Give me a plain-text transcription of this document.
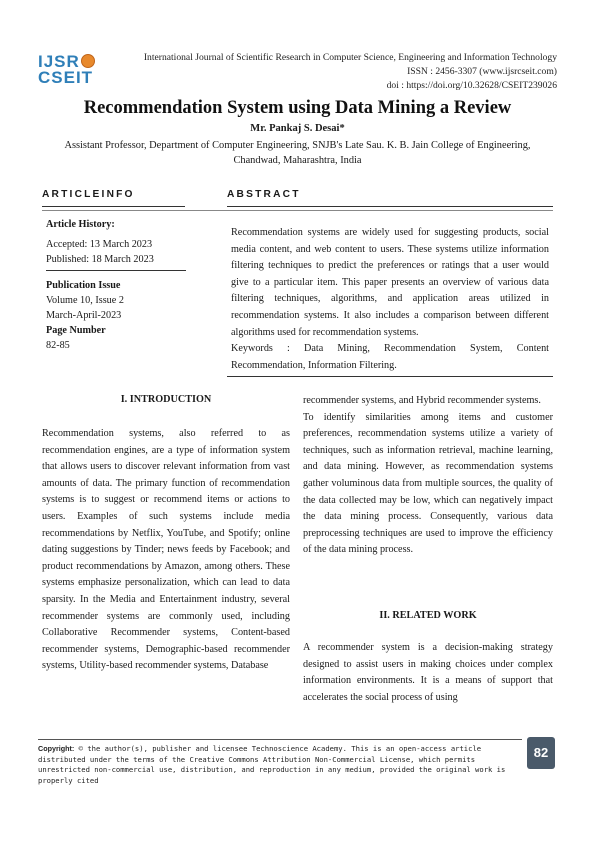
IJSR
CSEIT
International Journal of Scientific Research in Computer Science, Engineering and Information Technology
ISSN : 2456-3307 (www.ijsrcseit.com)
doi : https://doi.org/10.32628/CSEIT239026
Recommendation System using Data Mining a Review
Mr. Pankaj S. Desai*
Assistant Professor, Department of Computer Engineering, SNJB's Late Sau. K. B. Jain College of Engineering,
Chandwad, Maharashtra, India
ARTICLEINFO	ABSTRACT
Article History:
Accepted: 13 March 2023
Published: 18 March 2023
Publication Issue
Volume 10, Issue 2
March-April-2023
Page Number
82-85
Recommendation systems are widely used for suggesting products, social media content, and web content to users. These systems utilize information filtering techniques to predict the preferences or ratings that a user would give to a particular item. This paper presents an overview of various data filtering techniques, algorithms, and application areas utilized in recommendation systems. It also includes a comparison between different algorithms used for recommendation systems.
Keywords : Data Mining, Recommendation System, Content Recommendation, Information Filtering.
I. INTRODUCTION
Recommendation systems, also referred to as recommendation engines, are a type of information system that allows users to discover relevant information from vast amounts of data. The primary function of recommendation systems is to suggest or recommend items or actions to users. Examples of such systems include media recommendations by Netflix, YouTube, and Spotify; online dating suggestions by Tinder; news feeds by Facebook; and product recommendations by Amazon, among others. These systems emphasize personalization, which can lead to data sparsity. In the Media and Entertainment industry, several recommender systems are commonly used, including Collaborative Recommender systems, Content-based recommender systems, Demographic-based recommender systems, Utility-based recommender systems, Database
recommender systems, and Hybrid recommender systems.
To identify similarities among items and customer preferences, recommendation systems utilize a variety of techniques, such as information retrieval, machine learning, and data mining. However, as recommendation systems gather voluminous data from multiple sources, the quality of the data collected may be low, which can negatively impact the data mining process. Consequently, various data preprocessing techniques are used to improve the efficiency of the data mining process.
II. RELATED WORK
A recommender system is a decision-making strategy designed to assist users in making choices under complex information environments. It is a means of support that accelerates the social process of using
Copyright: © the author(s), publisher and licensee Technoscience Academy. This is an open-access article distributed under the terms of the Creative Commons Attribution Non-Commercial License, which permits unrestricted non-commercial use, distribution, and reproduction in any medium, provided the original work is properly cited
82
